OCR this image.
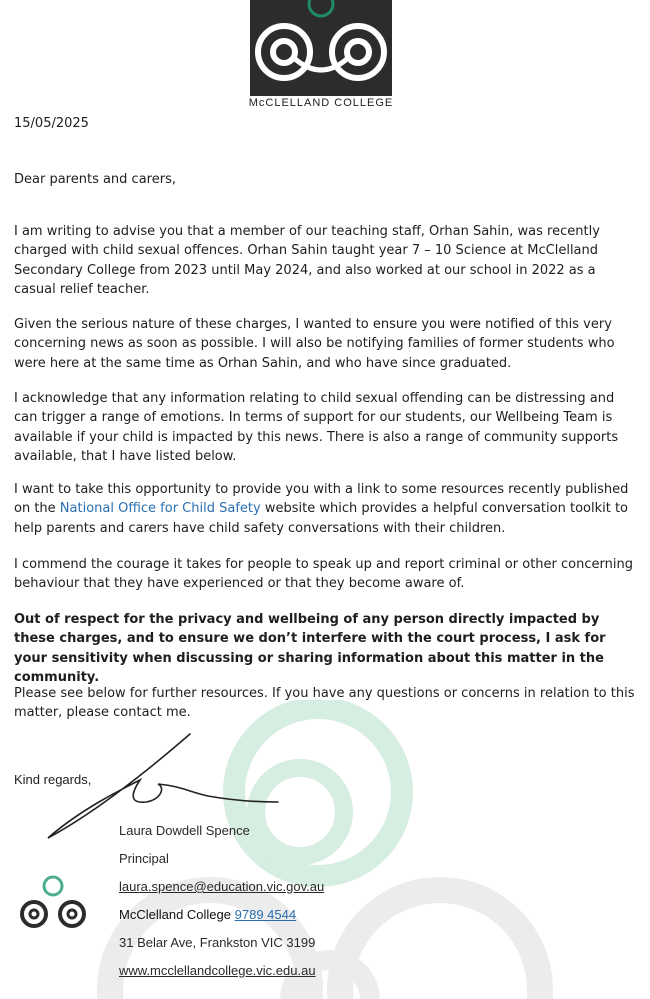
McCLELLAND COLLEGE

15/05/2025

Dear parents and carers,

I am writing to advise you that a member of our teaching staff, Orhan Sahin, was recently charged with child sexual offences. Orhan Sahin taught year 7 – 10 Science at McClelland Secondary College from 2023 until May 2024, and also worked at our school in 2022 as a casual relief teacher.

Given the serious nature of these charges, I wanted to ensure you were notified of this very concerning news as soon as possible. I will also be notifying families of former students who were here at the same time as Orhan Sahin, and who have since graduated.

I acknowledge that any information relating to child sexual offending can be distressing and can trigger a range of emotions. In terms of support for our students, our Wellbeing Team is available if your child is impacted by this news. There is also a range of community supports available, that I have listed below.

I want to take this opportunity to provide you with a link to some resources recently published on the National Office for Child Safety website which provides a helpful conversation toolkit to help parents and carers have child safety conversations with their children.

I commend the courage it takes for people to speak up and report criminal or other concerning behaviour that they have experienced or that they become aware of.

Out of respect for the privacy and wellbeing of any person directly impacted by these charges, and to ensure we don’t interfere with the court process, I ask for your sensitivity when discussing or sharing information about this matter in the community.

Please see below for further resources. If you have any questions or concerns in relation to this matter, please contact me.

Kind regards,

Laura Dowdell Spence
Principal
laura.spence@education.vic.gov.au
McClelland College 9789 4544
31 Belar Ave, Frankston VIC 3199
www.mcclellandcollege.vic.edu.au
